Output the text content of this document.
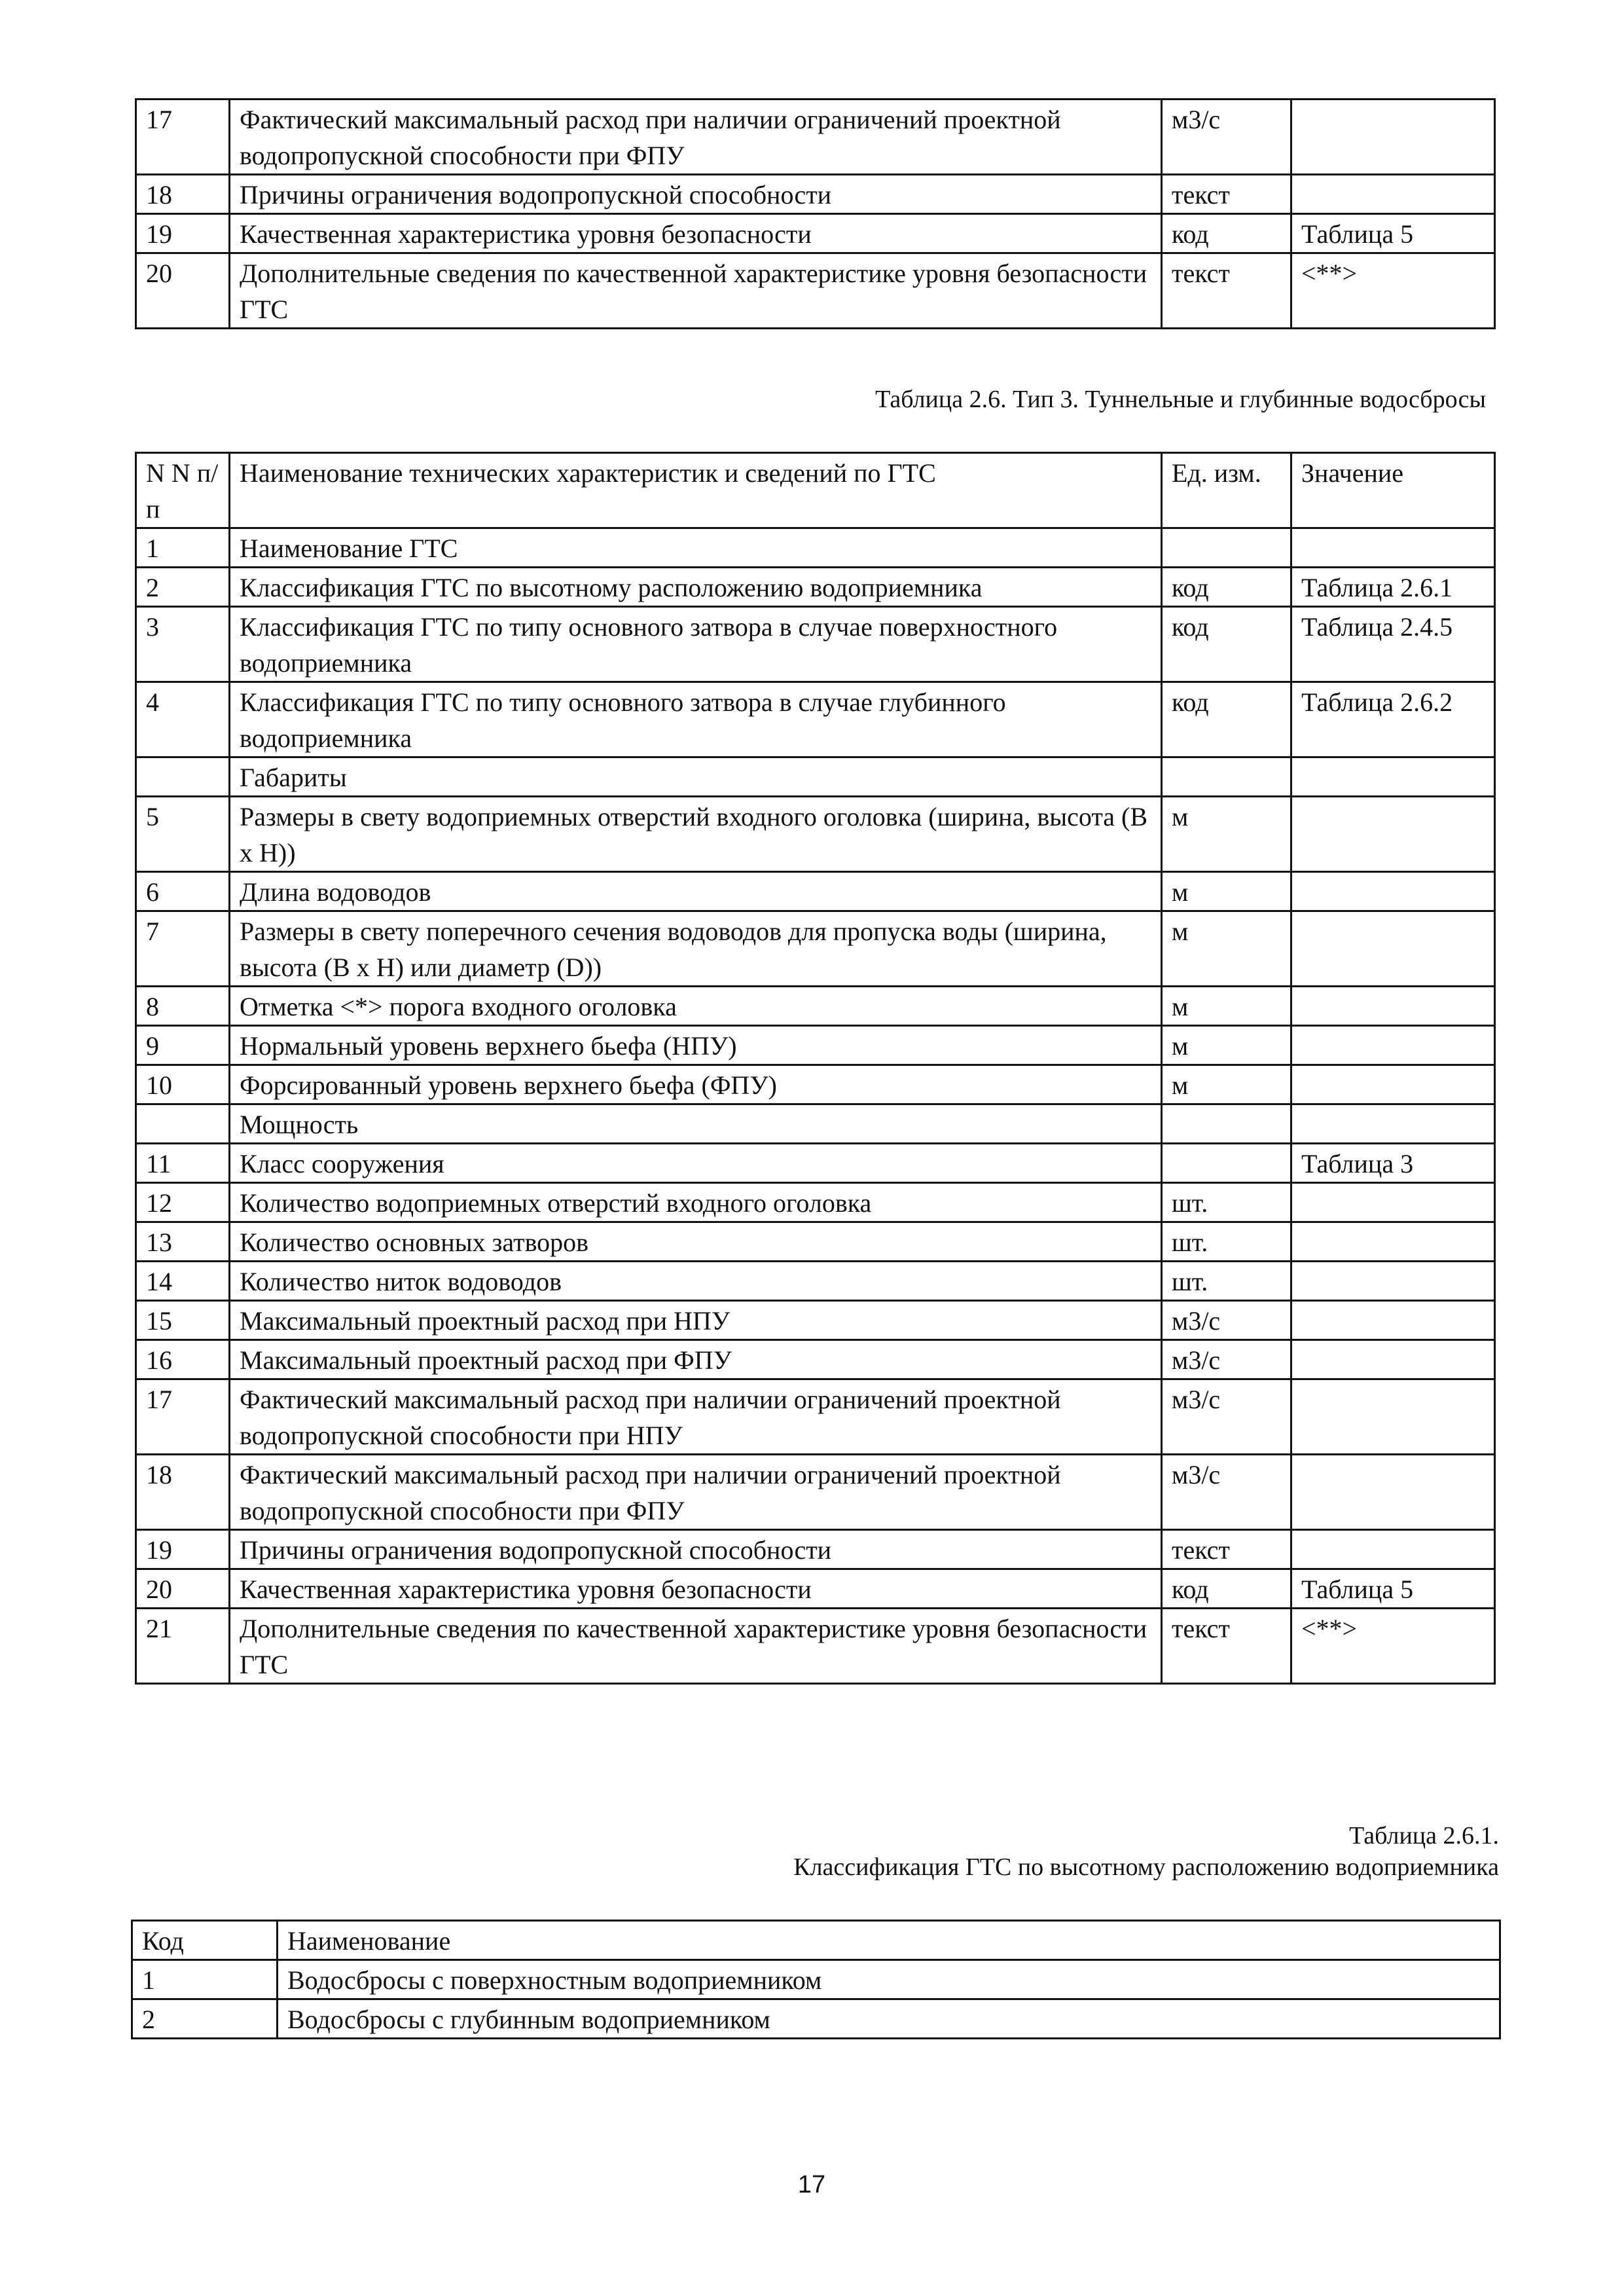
17	Фактический максимальный расход при наличии ограничений проектной водопропускной способности при ФПУ	м3/с	
18	Причины ограничения водопропускной способности	текст	
19	Качественная характеристика уровня безопасности	код	Таблица 5
20	Дополнительные сведения по качественной характеристике уровня безопасности ГТС	текст	<**>
Таблица 2.6. Тип 3. Туннельные и глубинные водосбросы
N N п/п	Наименование технических характеристик и сведений по ГТС	Ед. изм.	Значение
1	Наименование ГТС		
2	Классификация ГТС по высотному расположению водоприемника	код	Таблица 2.6.1
3	Классификация ГТС по типу основного затвора в случае поверхностного водоприемника	код	Таблица 2.4.5
4	Классификация ГТС по типу основного затвора в случае глубинного водоприемника	код	Таблица 2.6.2
	Габариты		
5	Размеры в свету водоприемных отверстий входного оголовка (ширина, высота (B x H))	м	
6	Длина водоводов	м	
7	Размеры в свету поперечного сечения водоводов для пропуска воды (ширина, высота (B x H) или диаметр (D))	м	
8	Отметка <*> порога входного оголовка	м	
9	Нормальный уровень верхнего бьефа (НПУ)	м	
10	Форсированный уровень верхнего бьефа (ФПУ)	м	
	Мощность		
11	Класс сооружения		Таблица 3
12	Количество водоприемных отверстий входного оголовка	шт.	
13	Количество основных затворов	шт.	
14	Количество ниток водоводов	шт.	
15	Максимальный проектный расход при НПУ	м3/с	
16	Максимальный проектный расход при ФПУ	м3/с	
17	Фактический максимальный расход при наличии ограничений проектной водопропускной способности при НПУ	м3/с	
18	Фактический максимальный расход при наличии ограничений проектной водопропускной способности при ФПУ	м3/с	
19	Причины ограничения водопропускной способности	текст	
20	Качественная характеристика уровня безопасности	код	Таблица 5
21	Дополнительные сведения по качественной характеристике уровня безопасности ГТС	текст	<**>
Таблица 2.6.1.
Классификация ГТС по высотному расположению водоприемника
Код	Наименование
1	Водосбросы с поверхностным водоприемником
2	Водосбросы с глубинным водоприемником
17
